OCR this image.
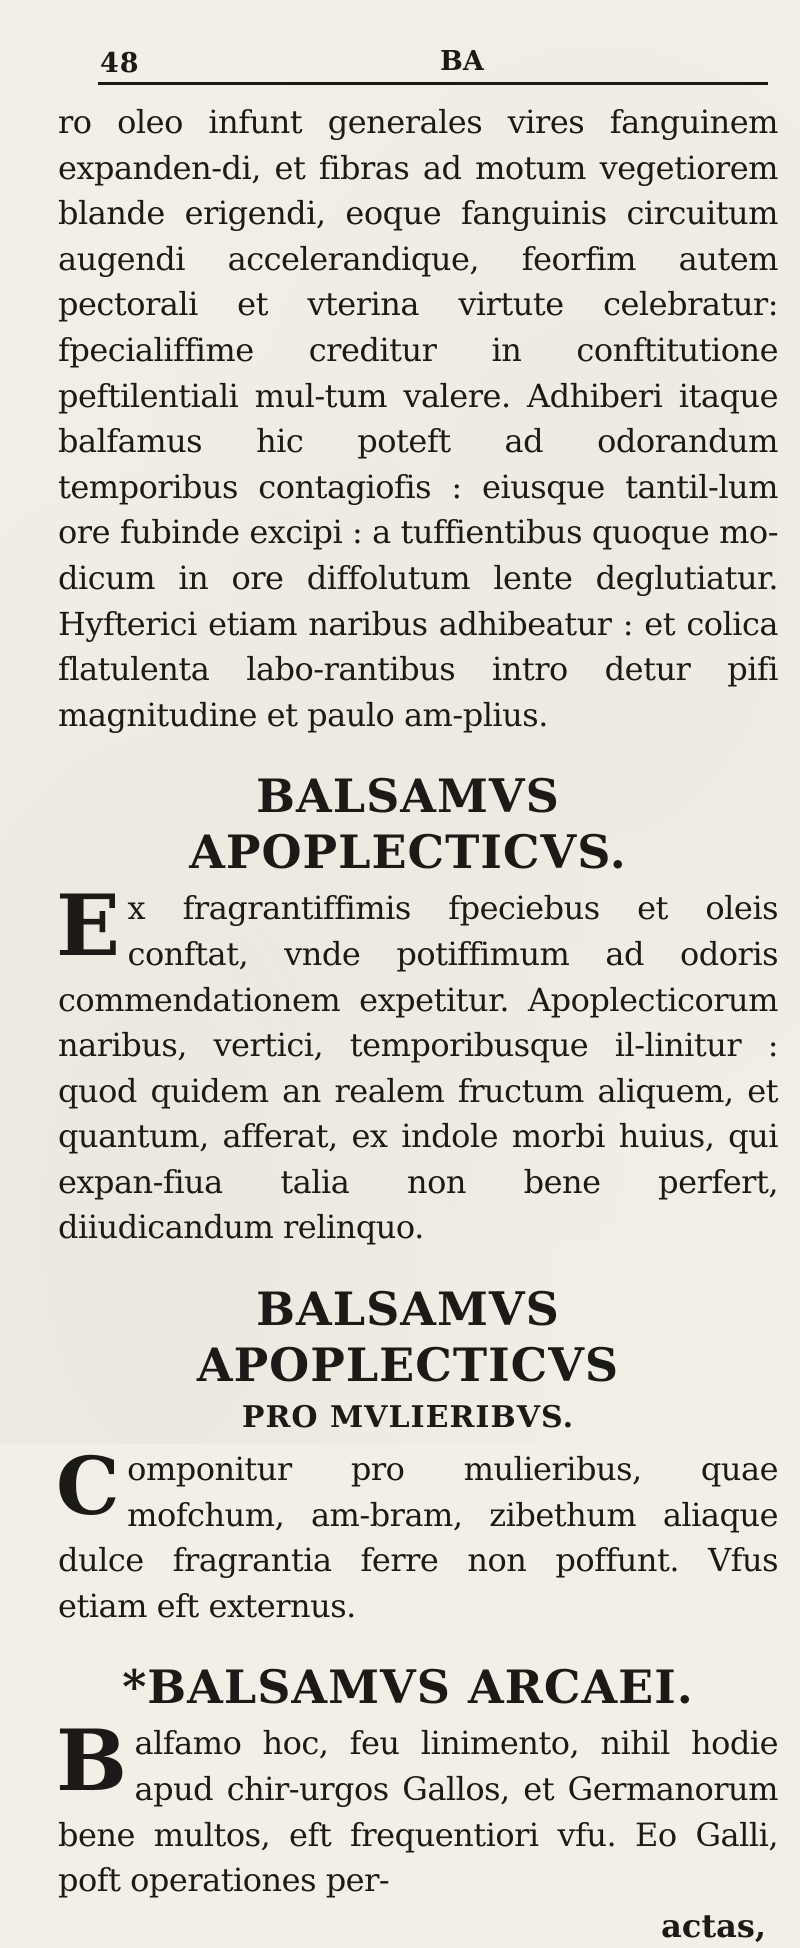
48	BA

ro oleo infunt generales vires fanguinem expanden-di, et fibras ad motum vegetiorem blande erigendi, eoque fanguinis circuitum augendi accelerandique, feorfim autem pectorali et vterina virtute celebratur: fpecialiffime creditur in conftitutione peftilentiali mul-tum valere. Adhiberi itaque balfamus hic poteft ad odorandum temporibus contagiofis : eiusque tantil-lum ore fubinde excipi : a tuffientibus quoque mo-dicum in ore diffolutum lente deglutiatur. Hyfterici etiam naribus adhibeatur : et colica flatulenta labo-rantibus intro detur pifi magnitudine et paulo am-plius.

BALSAMVS APOPLECTICVS.

Ex fragrantiffimis fpeciebus et oleis conftat, vnde potiffimum ad odoris commendationem expetitur. Apoplecticorum naribus, vertici, temporibusque il-linitur : quod quidem an realem fructum aliquem, et quantum, afferat, ex indole morbi huius, qui expan-fiua talia non bene perfert, diiudicandum relinquo.

BALSAMVS APOPLECTICVS
PRO MVLIERIBVS.

Componitur pro mulieribus, quae mofchum, am-bram, zibethum aliaque dulce fragrantia ferre non poffunt. Vfus etiam eft externus.

*BALSAMVS ARCAEI.

Balfamo hoc, feu linimento, nihil hodie apud chir-urgos Gallos, et Germanorum bene multos, eft frequentiori vfu. Eo Galli, poft operationes per-

actas,
